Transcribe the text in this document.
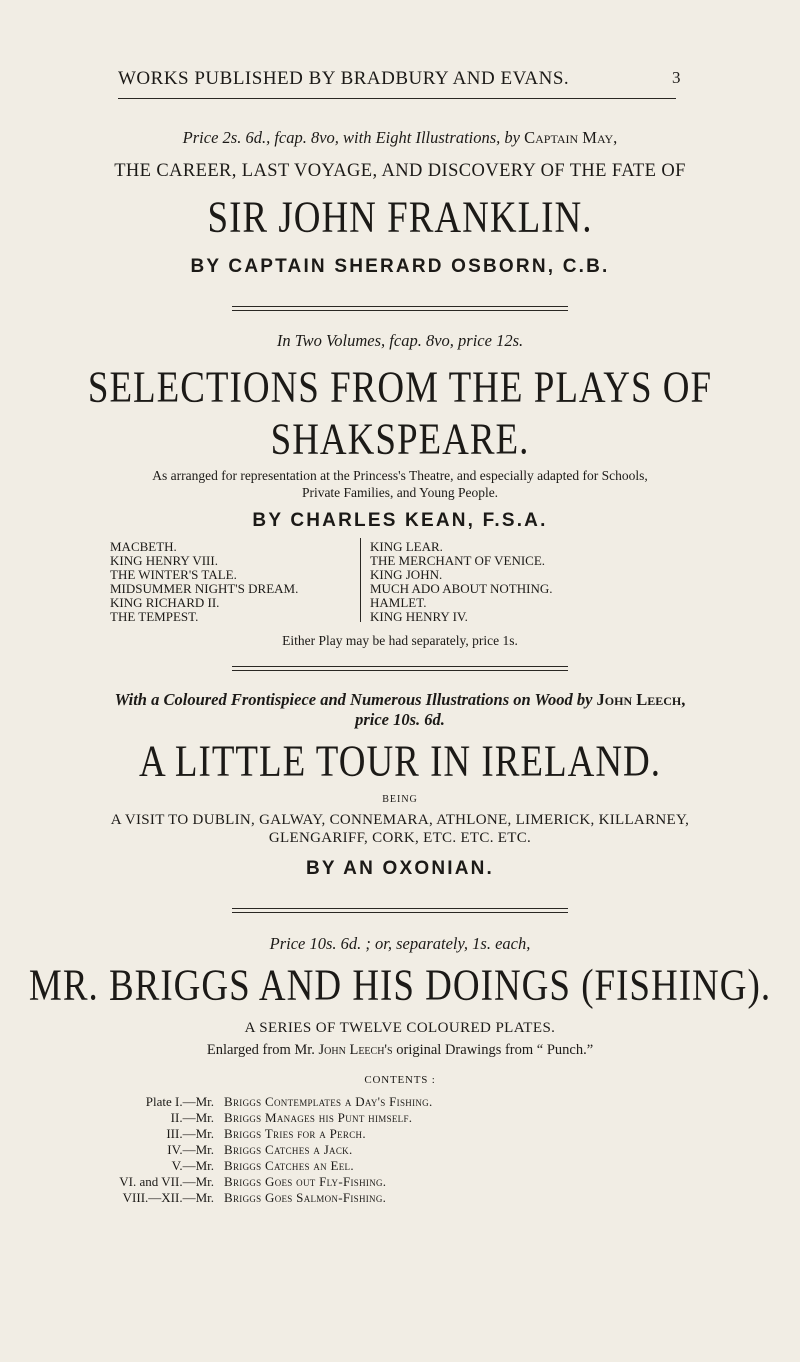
WORKS PUBLISHED BY BRADBURY AND EVANS.	3
Price 2s. 6d., fcap. 8vo, with Eight Illustrations, by Captain May,
THE CAREER, LAST VOYAGE, AND DISCOVERY OF THE FATE OF
SIR JOHN FRANKLIN.
BY CAPTAIN SHERARD OSBORN, C.B.
In Two Volumes, fcap. 8vo, price 12s.
SELECTIONS FROM THE PLAYS OF
SHAKSPEARE.
As arranged for representation at the Princess's Theatre, and especially adapted for Schools,
Private Families, and Young People.
BY CHARLES KEAN, F.S.A.
MACBETH.
KING HENRY VIII.
THE WINTER'S TALE.
MIDSUMMER NIGHT'S DREAM.
KING RICHARD II.
THE TEMPEST.
KING LEAR.
THE MERCHANT OF VENICE.
KING JOHN.
MUCH ADO ABOUT NOTHING.
HAMLET.
KING HENRY IV.
Either Play may be had separately, price 1s.
With a Coloured Frontispiece and Numerous Illustrations on Wood by John Leech,
price 10s. 6d.
A LITTLE TOUR IN IRELAND.
BEING
A VISIT TO DUBLIN, GALWAY, CONNEMARA, ATHLONE, LIMERICK, KILLARNEY,
GLENGARIFF, CORK, ETC. ETC. ETC.
BY AN OXONIAN.
Price 10s. 6d. ; or, separately, 1s. each,
MR. BRIGGS AND HIS DOINGS (FISHING).
A SERIES OF TWELVE COLOURED PLATES.
Enlarged from Mr. John Leech's original Drawings from “ Punch.”
CONTENTS :
Plate I.—Mr. Briggs Contemplates a Day's Fishing.
II.—Mr. Briggs Manages his Punt himself.
III.—Mr. Briggs Tries for a Perch.
IV.—Mr. Briggs Catches a Jack.
V.—Mr. Briggs Catches an Eel.
VI. and VII.—Mr. Briggs Goes out Fly-Fishing.
VIII.—XII.—Mr. Briggs Goes Salmon-Fishing.
